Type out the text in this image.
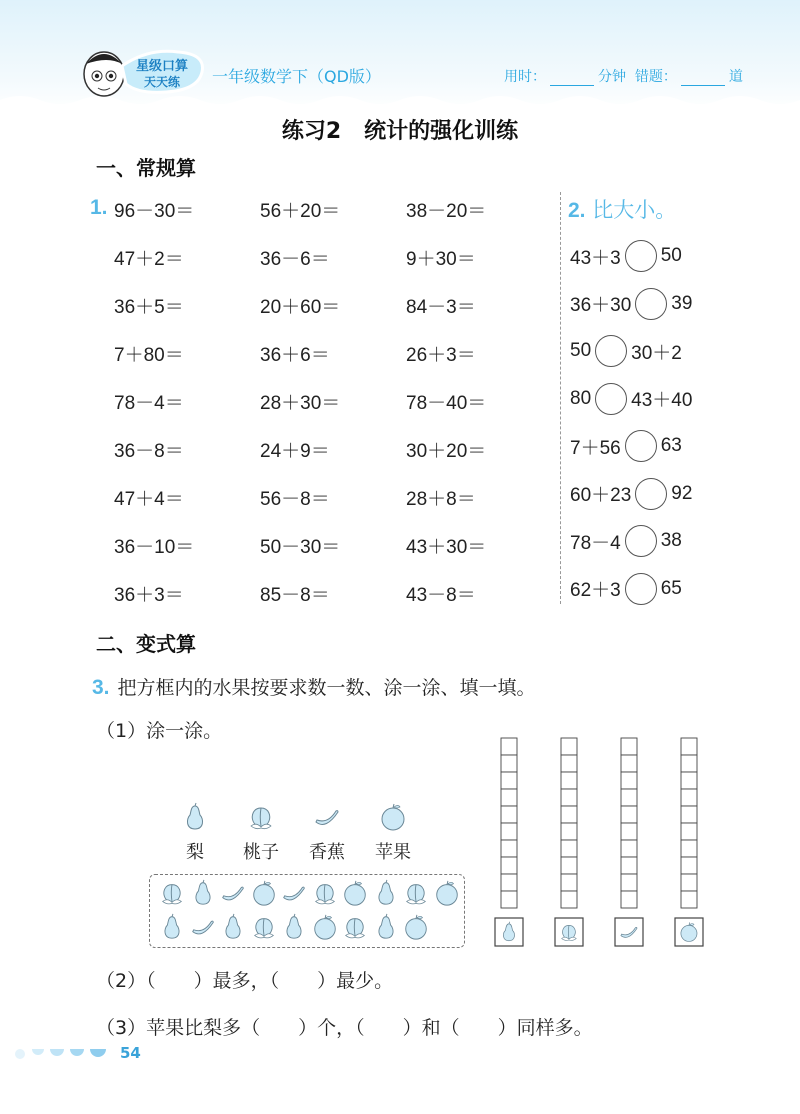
星级口算
天天练 一年级数学下（QD版）	用时：	分钟 错题：	道
练习2 统计的强化训练
一、常规算
1. 96－30＝	56＋20＝	38－20＝
47＋2＝	36－6＝	9＋30＝
36＋5＝	20＋60＝	84－3＝
7＋80＝	36＋6＝	26＋3＝
78－4＝	28＋30＝	78－40＝
36－8＝	24＋9＝	30＋20＝
47＋4＝	56－8＝	28＋8＝
36－10＝	50－30＝	43＋30＝
36＋3＝	85－8＝	43－8＝
2. 比大小。
43＋3 50
36＋30 39
50 30＋2
80 43＋40
7＋56 63
60＋23 92
78－4 38
62＋3 65
二、变式算
3. 把方框内的水果按要求数一数、涂一涂、填一填。
（1）涂一涂。
梨	桃子	香蕉	苹果
（2）（　　）最多，（　　）最少。
（3）苹果比梨多（　　）个，（　　）和（　　）同样多。
54
